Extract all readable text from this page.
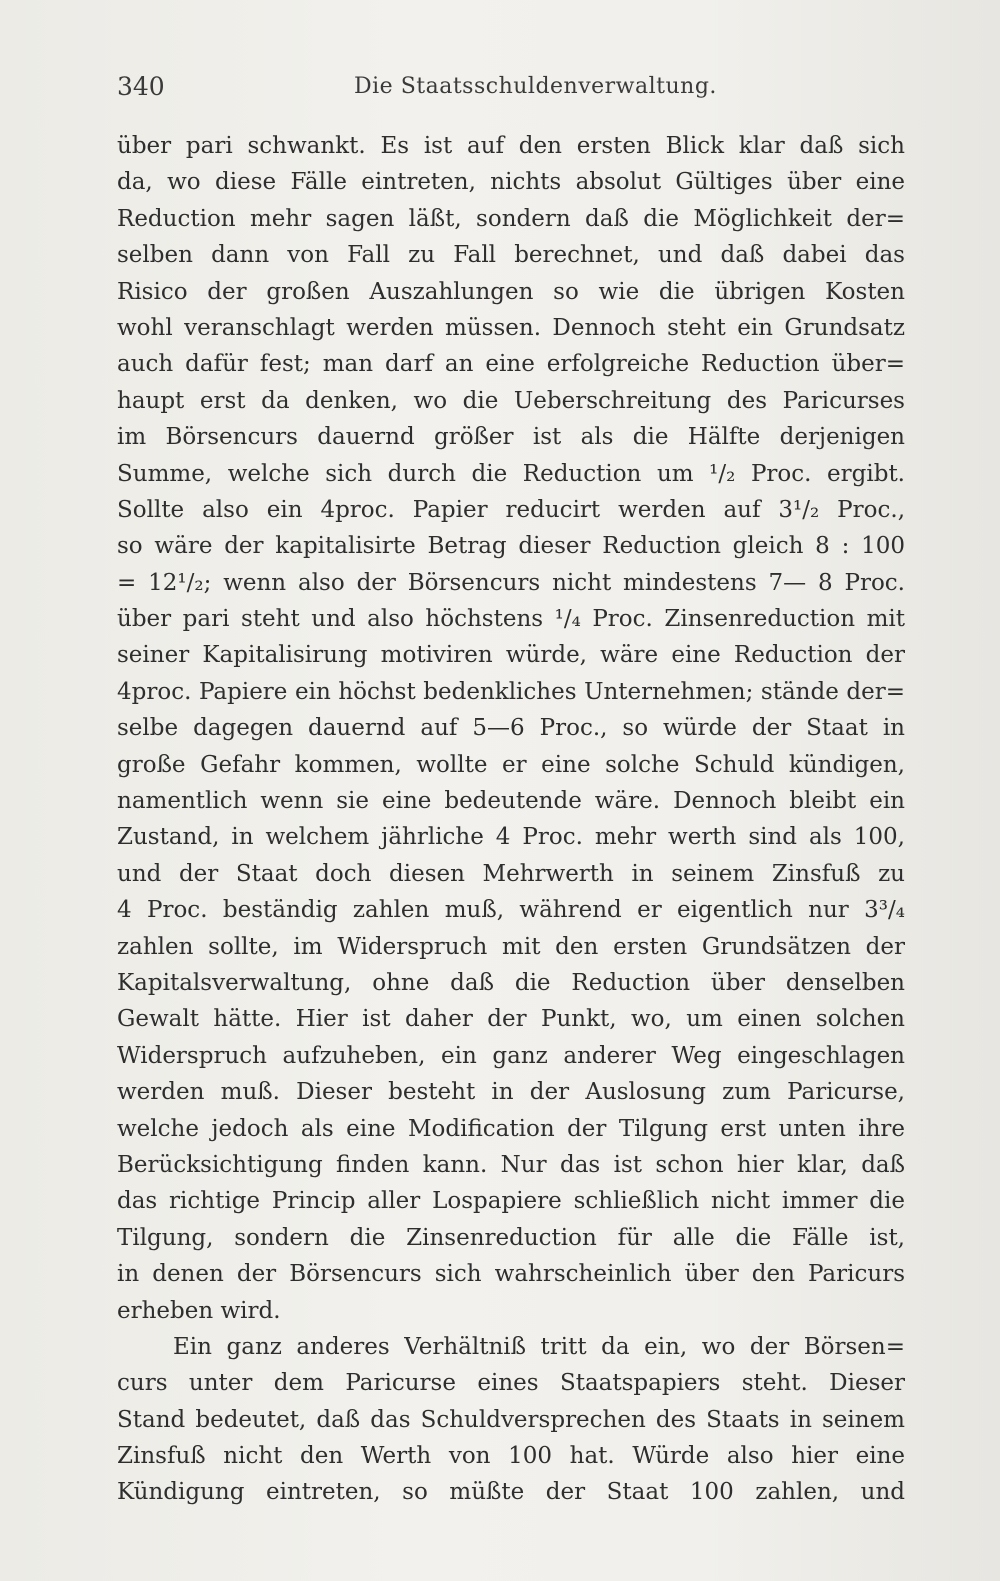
340	Die Staatsschuldenverwaltung.
über pari schwankt. Es ist auf den ersten Blick klar daß sich
da, wo diese Fälle eintreten, nichts absolut Gültiges über eine
Reduction mehr sagen läßt, sondern daß die Möglichkeit der=
selben dann von Fall zu Fall berechnet, und daß dabei das
Risico der großen Auszahlungen so wie die übrigen Kosten
wohl veranschlagt werden müssen. Dennoch steht ein Grundsatz
auch dafür fest; man darf an eine erfolgreiche Reduction über=
haupt erst da denken, wo die Ueberschreitung des Paricurses
im Börsencurs dauernd größer ist als die Hälfte derjenigen
Summe, welche sich durch die Reduction um ¹/₂ Proc. ergibt.
Sollte also ein 4proc. Papier reducirt werden auf 3¹/₂ Proc.,
so wäre der kapitalisirte Betrag dieser Reduction gleich 8 : 100
= 12¹/₂; wenn also der Börsencurs nicht mindestens 7— 8 Proc.
über pari steht und also höchstens ¹/₄ Proc. Zinsenreduction mit
seiner Kapitalisirung motiviren würde, wäre eine Reduction der
4proc. Papiere ein höchst bedenkliches Unternehmen; stände der=
selbe dagegen dauernd auf 5—6 Proc., so würde der Staat in
große Gefahr kommen, wollte er eine solche Schuld kündigen,
namentlich wenn sie eine bedeutende wäre. Dennoch bleibt ein
Zustand, in welchem jährliche 4 Proc. mehr werth sind als 100,
und der Staat doch diesen Mehrwerth in seinem Zinsfuß zu
4 Proc. beständig zahlen muß, während er eigentlich nur 3³/₄
zahlen sollte, im Widerspruch mit den ersten Grundsätzen der
Kapitalsverwaltung, ohne daß die Reduction über denselben
Gewalt hätte. Hier ist daher der Punkt, wo, um einen solchen
Widerspruch aufzuheben, ein ganz anderer Weg eingeschlagen
werden muß. Dieser besteht in der Auslosung zum Paricurse,
welche jedoch als eine Modification der Tilgung erst unten ihre
Berücksichtigung finden kann. Nur das ist schon hier klar, daß
das richtige Princip aller Lospapiere schließlich nicht immer die
Tilgung, sondern die Zinsenreduction für alle die Fälle ist,
in denen der Börsencurs sich wahrscheinlich über den Paricurs
erheben wird.
Ein ganz anderes Verhältniß tritt da ein, wo der Börsen=
curs unter dem Paricurse eines Staatspapiers steht. Dieser
Stand bedeutet, daß das Schuldversprechen des Staats in seinem
Zinsfuß nicht den Werth von 100 hat. Würde also hier eine
Kündigung eintreten, so müßte der Staat 100 zahlen, und
